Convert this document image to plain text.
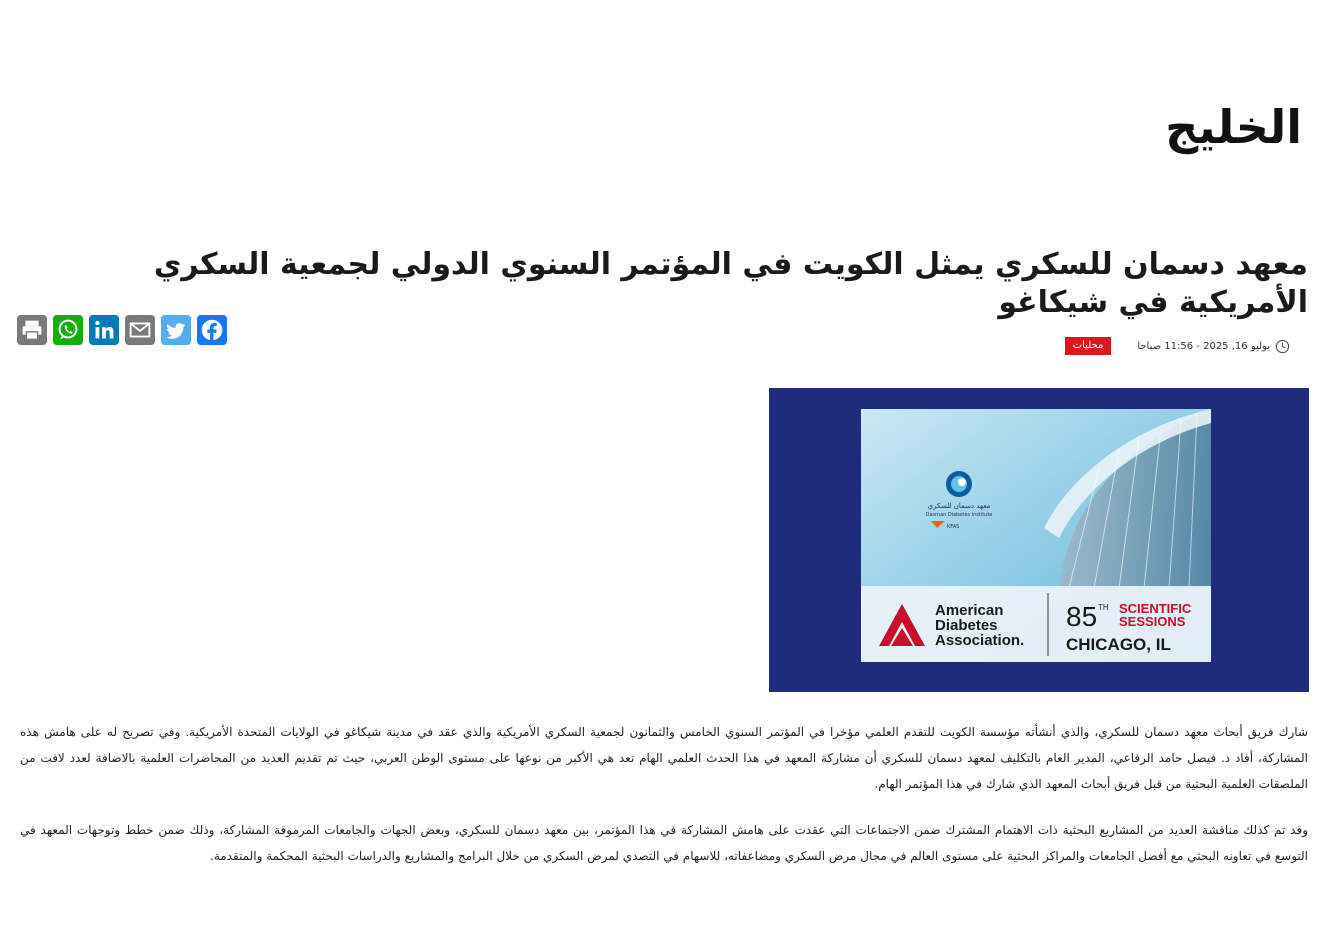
الخليج
معهد دسمان للسكري يمثل الكويت في المؤتمر السنوي الدولي لجمعية السكري الأمريكية في شيكاغو
يوليو 16, 2025 - 11:56 صباحا
محليات
معهد دسمان للسكري
Dasman Diabetes Institute
KFAS
American
Diabetes
Association.
85 TH SCIENTIFIC
SESSIONS
CHICAGO, IL

شارك فريق أبحاث معهد دسمان للسكري، والذي أنشأته مؤسسة الكويت للتقدم العلمي مؤخرا في المؤتمر السنوي الخامس والثمانون لجمعية السكري الأمريكية والذي عقد في مدينة شيكاغو في الولايات المتحدة الأمريكية. وفي تصريح له على هامش هذه المشاركة، أفاد د. فيصل حامد الرفاعي، المدير العام بالتكليف لمعهد دسمان للسكري أن مشاركة المعهد في هذا الحدث العلمي الهام تعد هي الأكبر من نوعها على مستوى الوطن العربي، حيث تم تقديم العديد من المحاضرات العلمية بالاضافة لعدد لافت من الملصقات العلمية البحثية من قبل فريق أبحاث المعهد الذي شارك في هذا المؤتمر الهام.

وقد تم كذلك مناقشة العديد من المشاريع البحثية ذات الاهتمام المشترك ضمن الاجتماعات التي عقدت على هامش المشاركة في هذا المؤتمر، بين معهد دسمان للسكري، وبعض الجهات والجامعات المرموقة المشاركة، وذلك ضمن خطط وتوجهات المعهد في التوسع في تعاونه البحثي مع أفضل الجامعات والمراكز البحثية على مستوى العالم في مجال مرض السكري ومضاعفاته، للاسهام في التصدي لمرض السكري من خلال البرامج والمشاريع والدراسات البحثية المحكمة والمتقدمة.
